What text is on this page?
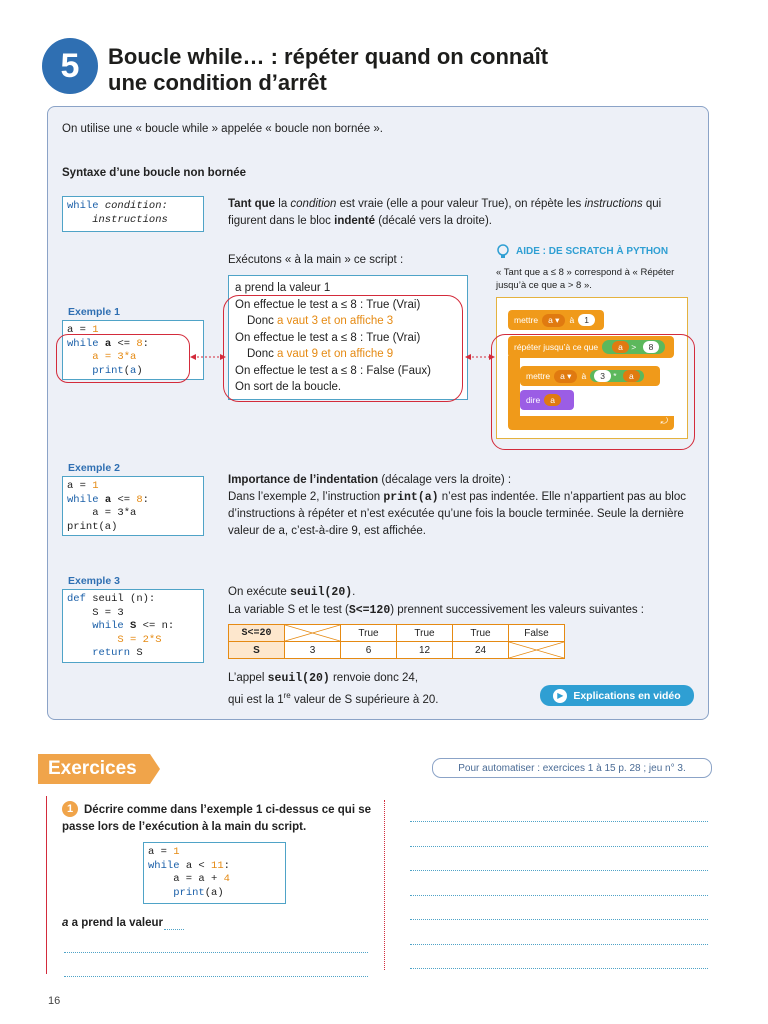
5	Boucle while… : répéter quand on connaît
une condition d’arrêt
On utilise une « boucle while » appelée « boucle non bornée ».
Syntaxe d’une boucle non bornée
while condition:
instructions
Tant que la condition est vraie (elle a pour valeur True), on répète les instructions qui figurent dans le bloc indenté (décalé vers la droite).
Exécutons « à la main » ce script :
Exemple 1
a = 1
while a <= 8:
a = 3*a
print(a)
a prend la valeur 1
On effectue le test a ≤ 8 : True (Vrai)
Donc a vaut 3 et on affiche 3
On effectue le test a ≤ 8 : True (Vrai)
Donc a vaut 9 et on affiche 9
On effectue le test a ≤ 8 : False (Faux)
On sort de la boucle.
AIDE : DE SCRATCH À PYTHON
« Tant que a ≤ 8 » correspond à « Répéter jusqu’à ce que a > 8 ».
mettre	a ▾	à	1
répéter jusqu’à ce que	a > 8
mettre	a ▾	à	3 * a
dire	a
⤾
Exemple 2
a = 1
while a <= 8:
a = 3*a
print(a)
Importance de l’indentation (décalage vers la droite) :
Dans l’exemple 2, l’instruction print(a) n’est pas indentée. Elle n’appartient pas au bloc d’instructions à répéter et n’est exécutée qu’une fois la boucle terminée. Seule la dernière valeur de a, c’est-à-dire 9, est affichée.
Exemple 3
def seuil (n):
S = 3
while S <= n:
S = 2*S
return S
On exécute seuil(20).
La variable S et le test (S<=120) prennent successivement les valeurs suivantes :
S<=20		True	True	True	False
S	3	6	12	24	
L’appel seuil(20) renvoie donc 24,
qui est la 1re valeur de S supérieure à 20.	▶ Explications en vidéo
Exercices	Pour automatiser : exercices 1 à 15 p. 28 ; jeu n° 3.
1 Décrire comme dans l’exemple 1 ci-dessus ce qui se passe lors de l’exécution à la main du script.
a = 1
while a < 11:
a = a + 4
print(a)
a a prend la valeur
16
